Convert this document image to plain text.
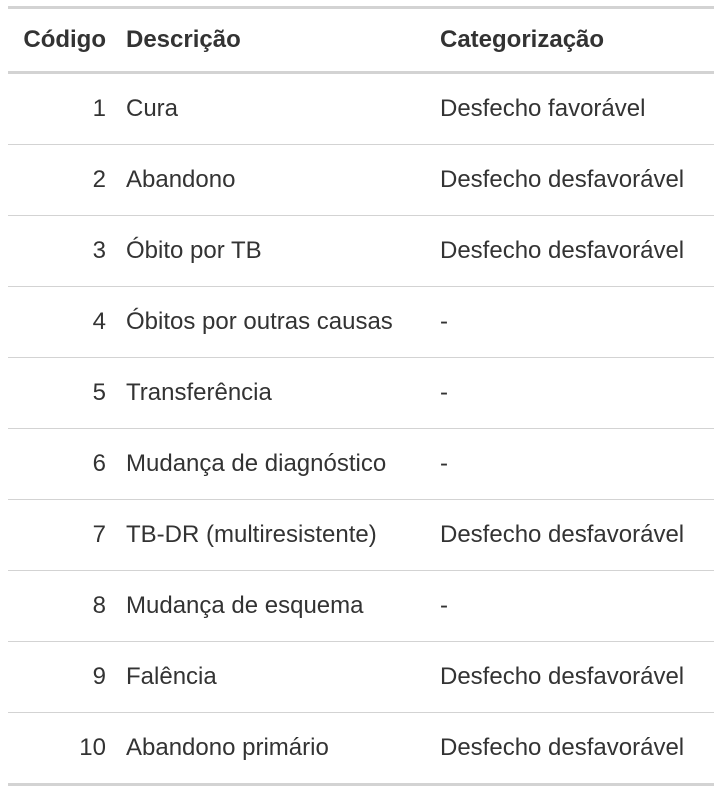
Código	Descrição	Categorização
1	Cura	Desfecho favorável
2	Abandono	Desfecho desfavorável
3	Óbito por TB	Desfecho desfavorável
4	Óbitos por outras causas	-
5	Transferência	-
6	Mudança de diagnóstico	-
7	TB-DR (multiresistente)	Desfecho desfavorável
8	Mudança de esquema	-
9	Falência	Desfecho desfavorável
10	Abandono primário	Desfecho desfavorável
